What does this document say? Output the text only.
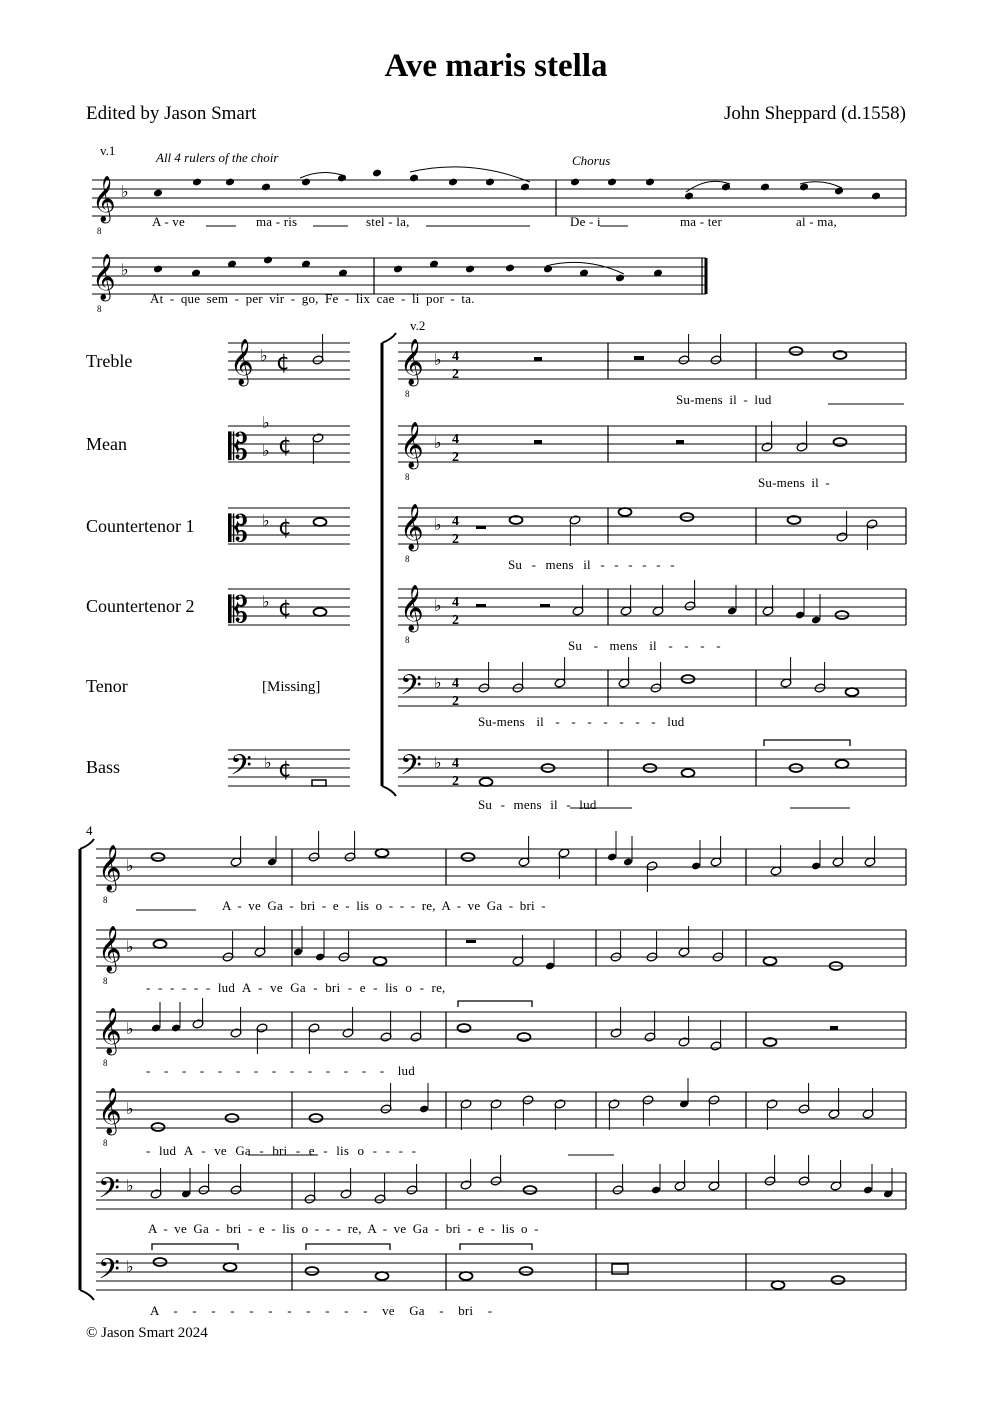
Ave maris stella
Edited by Jason Smart	John Sheppard (d.1558)
v.1	All 4 rulers of the choir	Chorus
A - ve	ma - ris	stel - la,	De - i	ma - ter	al - ma,
At - que sem - per vir - go, Fe - lix cae - li por - ta.
Treble
Mean
Countertenor 1
Countertenor 2
Tenor
Bass
[Missing]
v.2
4
Su-mens il - lud
Su-mens il -
Su - mens il - - - - - -
Su - mens il - - - -
Su-mens il - - - - - - - lud
Su - mens il - lud
A - ve Ga - bri - e - lis o - - - re, A - ve Ga - bri -
- - - - - - lud A - ve Ga - bri - e - lis o - re,
- - - - - - - - - - - - - - lud
- lud A - ve Ga - bri - e - lis o - - - -
A - ve Ga - bri - e - lis o - - - re, A - ve Ga - bri - e - lis o -
A - - - - - - - - - - - ve Ga - bri -
© Jason Smart 2024
𝄞
8
♭
𝄞
8
♭
𝄞 ♭ ¢
𝄡
♭
♭ ¢
𝄡 ♭ ¢
𝄡 ♭ ¢
𝄢 ♭ ¢
𝄞
8
♭ 4
2
𝄞
8
♭ 4
2
𝄞
8
♭ 4
2
𝄞
8
♭ 4
2
𝄢 ♭ 4
2
𝄢 ♭ 4
2
𝄞
8
♭
𝄞
8
♭
𝄞
8
♭
𝄞
8
♭
𝄢 ♭
𝄢 ♭
